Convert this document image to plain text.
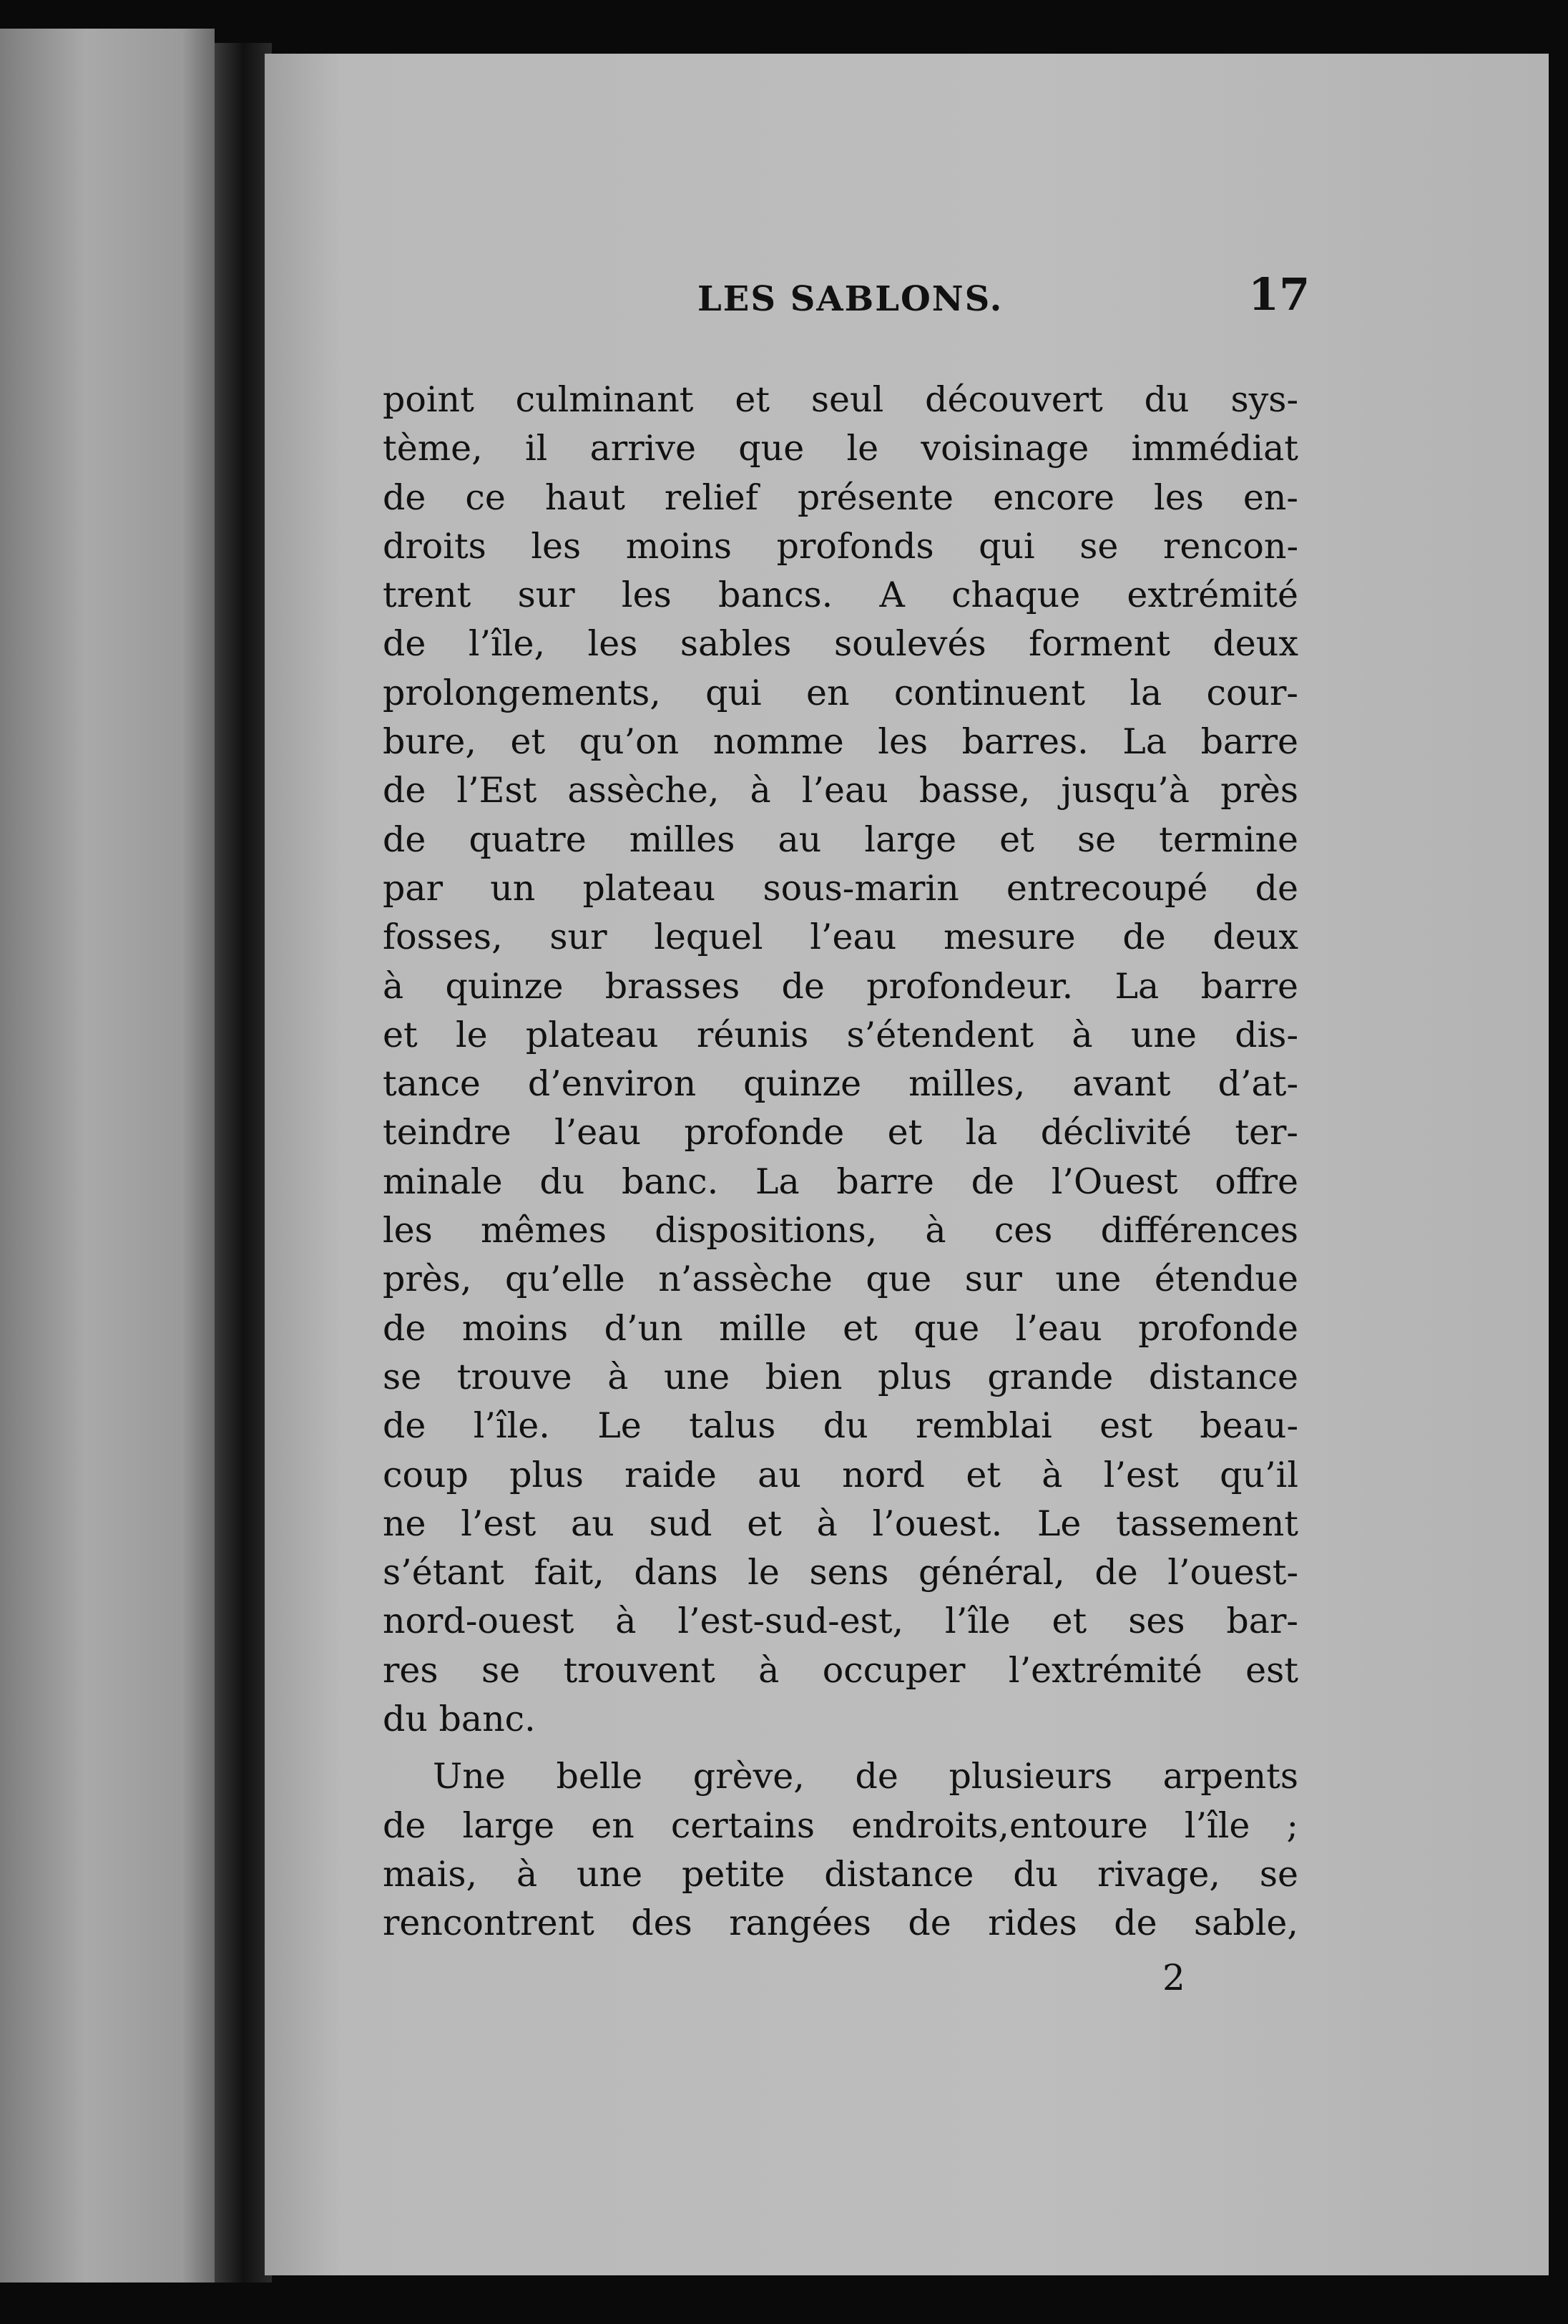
LES SABLONS.	17
point culminant et seul découvert du sys-
tème, il arrive que le voisinage immédiat
de ce haut relief présente encore les en-
droits les moins profonds qui se rencon-
trent sur les bancs. A chaque extrémité
de l’île, les sables soulevés forment deux
prolongements, qui en continuent la cour-
bure, et qu’on nomme les barres. La barre
de l’Est assèche, à l’eau basse, jusqu’à près
de quatre milles au large et se termine
par un plateau sous-marin entrecoupé de
fosses, sur lequel l’eau mesure de deux
à quinze brasses de profondeur. La barre
et le plateau réunis s’étendent à une dis-
tance d’environ quinze milles, avant d’at-
teindre l’eau profonde et la déclivité ter-
minale du banc. La barre de l’Ouest offre
les mêmes dispositions, à ces différences
près, qu’elle n’assèche que sur une étendue
de moins d’un mille et que l’eau profonde
se trouve à une bien plus grande distance
de l’île. Le talus du remblai est beau-
coup plus raide au nord et à l’est qu’il
ne l’est au sud et à l’ouest. Le tassement
s’étant fait, dans le sens général, de l’ouest-
nord-ouest à l’est-sud-est, l’île et ses bar-
res se trouvent à occuper l’extrémité est
du banc.
Une belle grève, de plusieurs arpents
de large en certains endroits,entoure l’île ;
mais, à une petite distance du rivage, se
rencontrent des rangées de rides de sable,
2
